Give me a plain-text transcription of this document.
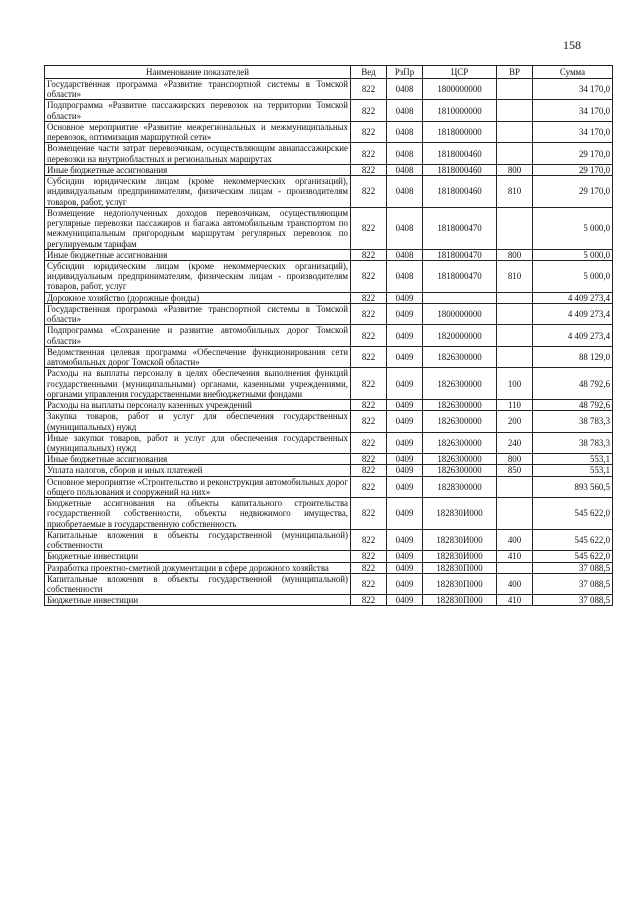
158
Наименование показателей	Вед	РзПр	ЦСР	ВР	Сумма
Государственная программа «Развитие транспортной системы в Томской области»	822	0408	1800000000		34 170,0
Подпрограмма «Развитие пассажирских перевозок на территории Томской области»	822	0408	1810000000		34 170,0
Основное мероприятие «Развитие межрегиональных и межмуниципальных перевозок, оптимизация маршрутной сети»	822	0408	1818000000		34 170,0
Возмещение части затрат перевозчикам, осуществляющим авиапассажирские перевозки на внутриобластных и региональных маршрутах	822	0408	1818000460		29 170,0
Иные бюджетные ассигнования	822	0408	1818000460	800	29 170,0
Субсидии юридическим лицам (кроме некоммерческих организаций), индивидуальным предпринимателям, физическим лицам - производителям товаров, работ, услуг	822	0408	1818000460	810	29 170,0
Возмещение недополученных доходов перевозчикам, осуществляющим регулярные перевозки пассажиров и багажа автомобильным транспортом по межмуниципальным пригородным маршрутам регулярных перевозок по регулируемым тарифам	822	0408	1818000470		5 000,0
Иные бюджетные ассигнования	822	0408	1818000470	800	5 000,0
Субсидии юридическим лицам (кроме некоммерческих организаций), индивидуальным предпринимателям, физическим лицам - производителям товаров, работ, услуг	822	0408	1818000470	810	5 000,0
Дорожное хозяйство (дорожные фонды)	822	0409			4 409 273,4
Государственная программа «Развитие транспортной системы в Томской области»	822	0409	1800000000		4 409 273,4
Подпрограмма «Сохранение и развитие автомобильных дорог Томской области»	822	0409	1820000000		4 409 273,4
Ведомственная целевая программа «Обеспечение функционирования сети автомобильных дорог Томской области»	822	0409	1826300000		88 129,0
Расходы на выплаты персоналу в целях обеспечения выполнения функций государственными (муниципальными) органами, казенными учреждениями, органами управления государственными внебюджетными фондами	822	0409	1826300000	100	48 792,6
Расходы на выплаты персоналу казенных учреждений	822	0409	1826300000	110	48 792,6
Закупка товаров, работ и услуг для обеспечения государственных (муниципальных) нужд	822	0409	1826300000	200	38 783,3
Иные закупки товаров, работ и услуг для обеспечения государственных (муниципальных) нужд	822	0409	1826300000	240	38 783,3
Иные бюджетные ассигнования	822	0409	1826300000	800	553,1
Уплата налогов, сборов и иных платежей	822	0409	1826300000	850	553,1
Основное мероприятие «Строительство и реконструкция автомобильных дорог общего пользования и сооружений на них»	822	0409	1828300000		893 560,5
Бюджетные ассигнования на объекты капитального строительства государственной собственности, объекты недвижимого имущества, приобретаемые в государственную собственность	822	0409	182830И000		545 622,0
Капитальные вложения в объекты государственной (муниципальной) собственности	822	0409	182830И000	400	545 622,0
Бюджетные инвестиции	822	0409	182830И000	410	545 622,0
Разработка проектно-сметной документации в сфере дорожного хозяйства	822	0409	182830П000		37 088,5
Капитальные вложения в объекты государственной (муниципальной) собственности	822	0409	182830П000	400	37 088,5
Бюджетные инвестиции	822	0409	182830П000	410	37 088,5
